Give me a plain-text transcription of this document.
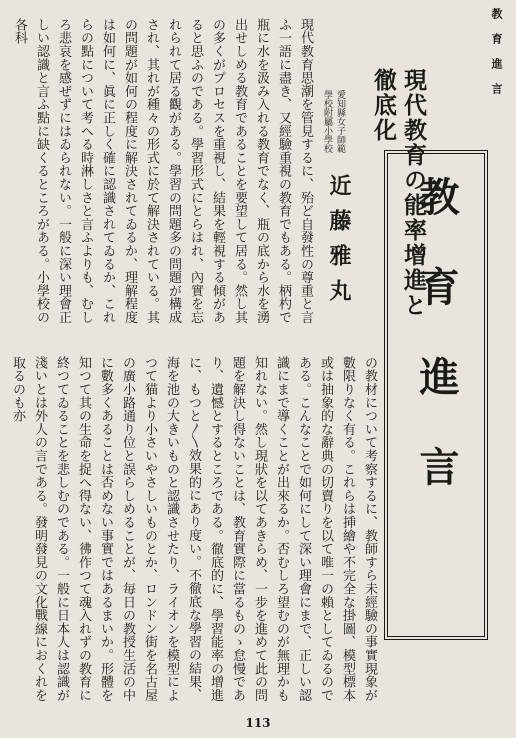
教育進言
現代教育の能率增進と徹底化
愛知縣女子師範學校附屬小學校
近藤雅丸
現代教育思潮を管見するに、殆ど自發性の尊重と言ふ一語に盡き、又經驗重視の教育でもある。柄杓で瓶に水を汲み入れる教育でなく、瓶の底から水を湧出せしめる教育であることを要望して居る。然し其の多くがプロセスを重視し、結果を輕視する傾があると思ふのである。學習形式にとらはれ、內實を忘れられて居る觀がある。學習の問題多の問題が構成され、其れが種々の形式に於て解決されている。其の問題が如何の程度に解決されてゐるか、理解程度は如何に、眞に正しく確に認識されてゐるか、これらの點について考へる時淋しさと言ふよりも、むしろ悲哀を感ぜずにはゐられない。一般に深い理會正しい認識と言ふ點に缺くるところがある。小學校の各科
教育進言
の教材について考察するに、教師すら未經驗の事實現象が數限りなく有る。これらは挿繪や不完全な掛圖、模型標本或は抽象的な辭典の切賣りを以て唯一の賴としてゐるのである。こんなことで如何にして深い理會にまで、正しい認識にまで導くことが出來るか。否むしろ望むのが無理かも知れない。然し現狀を以てあきらめ、一步を進めて此の問題を解決し得ないことは、教育實際に當るものゝ怠慢であり、遺憾とするところである。徹底的に、學習能率の增進に、もつと〱效果的にあり度い。不徹底な學習の結果、海を池の大きいものと認識させたり、ライオンを模型によつて猫より小さいやさしいものとか、ロンドン街を名古屋の廣小路通り位と誤らしめることが、毎日の教授生活の中に數多くあることは否めない事實ではあるまいか。形體を知つて其の生命を捉へ得ない、彿作つて魂入れずの教育に終つてゐることを悲しむのである。一般に日本人は認識が淺いとは外人の言である。發明發見の文化戰線におくれを取るのも亦
113
